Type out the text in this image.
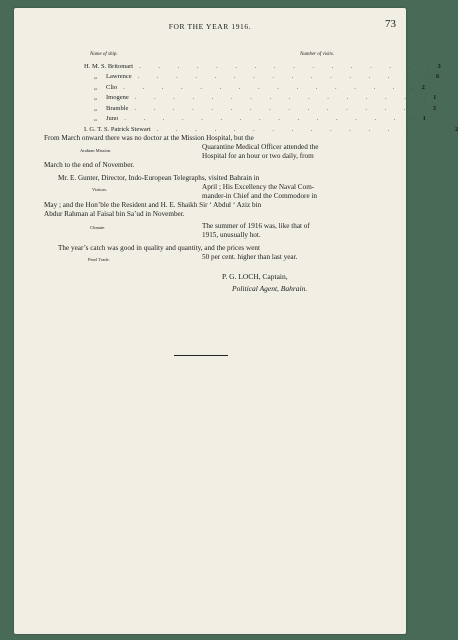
FOR THE YEAR 1916.	73
Name of ship.	Number of visits.
H. M. S. Britomart . . . . . . . . . . . . . . . . 3
„ Lawrence . . . . . . . . . . . . . . . . 6
„ Clio . . . . . . . . . . . . . . . . 2
„ Imogene . . . . . . . . . . . . . . . . 1
„ Bramble . . . . . . . . . . . . . . . . 3
„ Juno . . . . . . . . . . . . . . . . 1
I. G. T. S. Patrick Stewart . . . . . . . . . . . . . . . . 2
From March onward there was no doctor at the Mission Hospital, but the
Arabian Mission.	Quarantine Medical Officer attended the
Hospital for an hour or two daily, from
March to the end of November.
Mr. E. Gunter, Director, Indo-European Telegraphs, visited Bahrain in
April ; His Excellency the Naval Com-
Visitors.
mander-in Chief and the Commodore in
May ; and the Hon’ble the Resident and H. E. Shaikh Sir ‘ Abdul ‘ Aziz bin
Abdur Rahman al Faisal bin Sa’ud in November.
The summer of 1916 was, like that of
Climate.
1915, unusually hot.
The year’s catch was good in quality and quantity, and the prices went
50 per cent. higher than last year.
Pearl Trade.
P. G. LOCH, Captain,
Political Agent, Bahrain.
